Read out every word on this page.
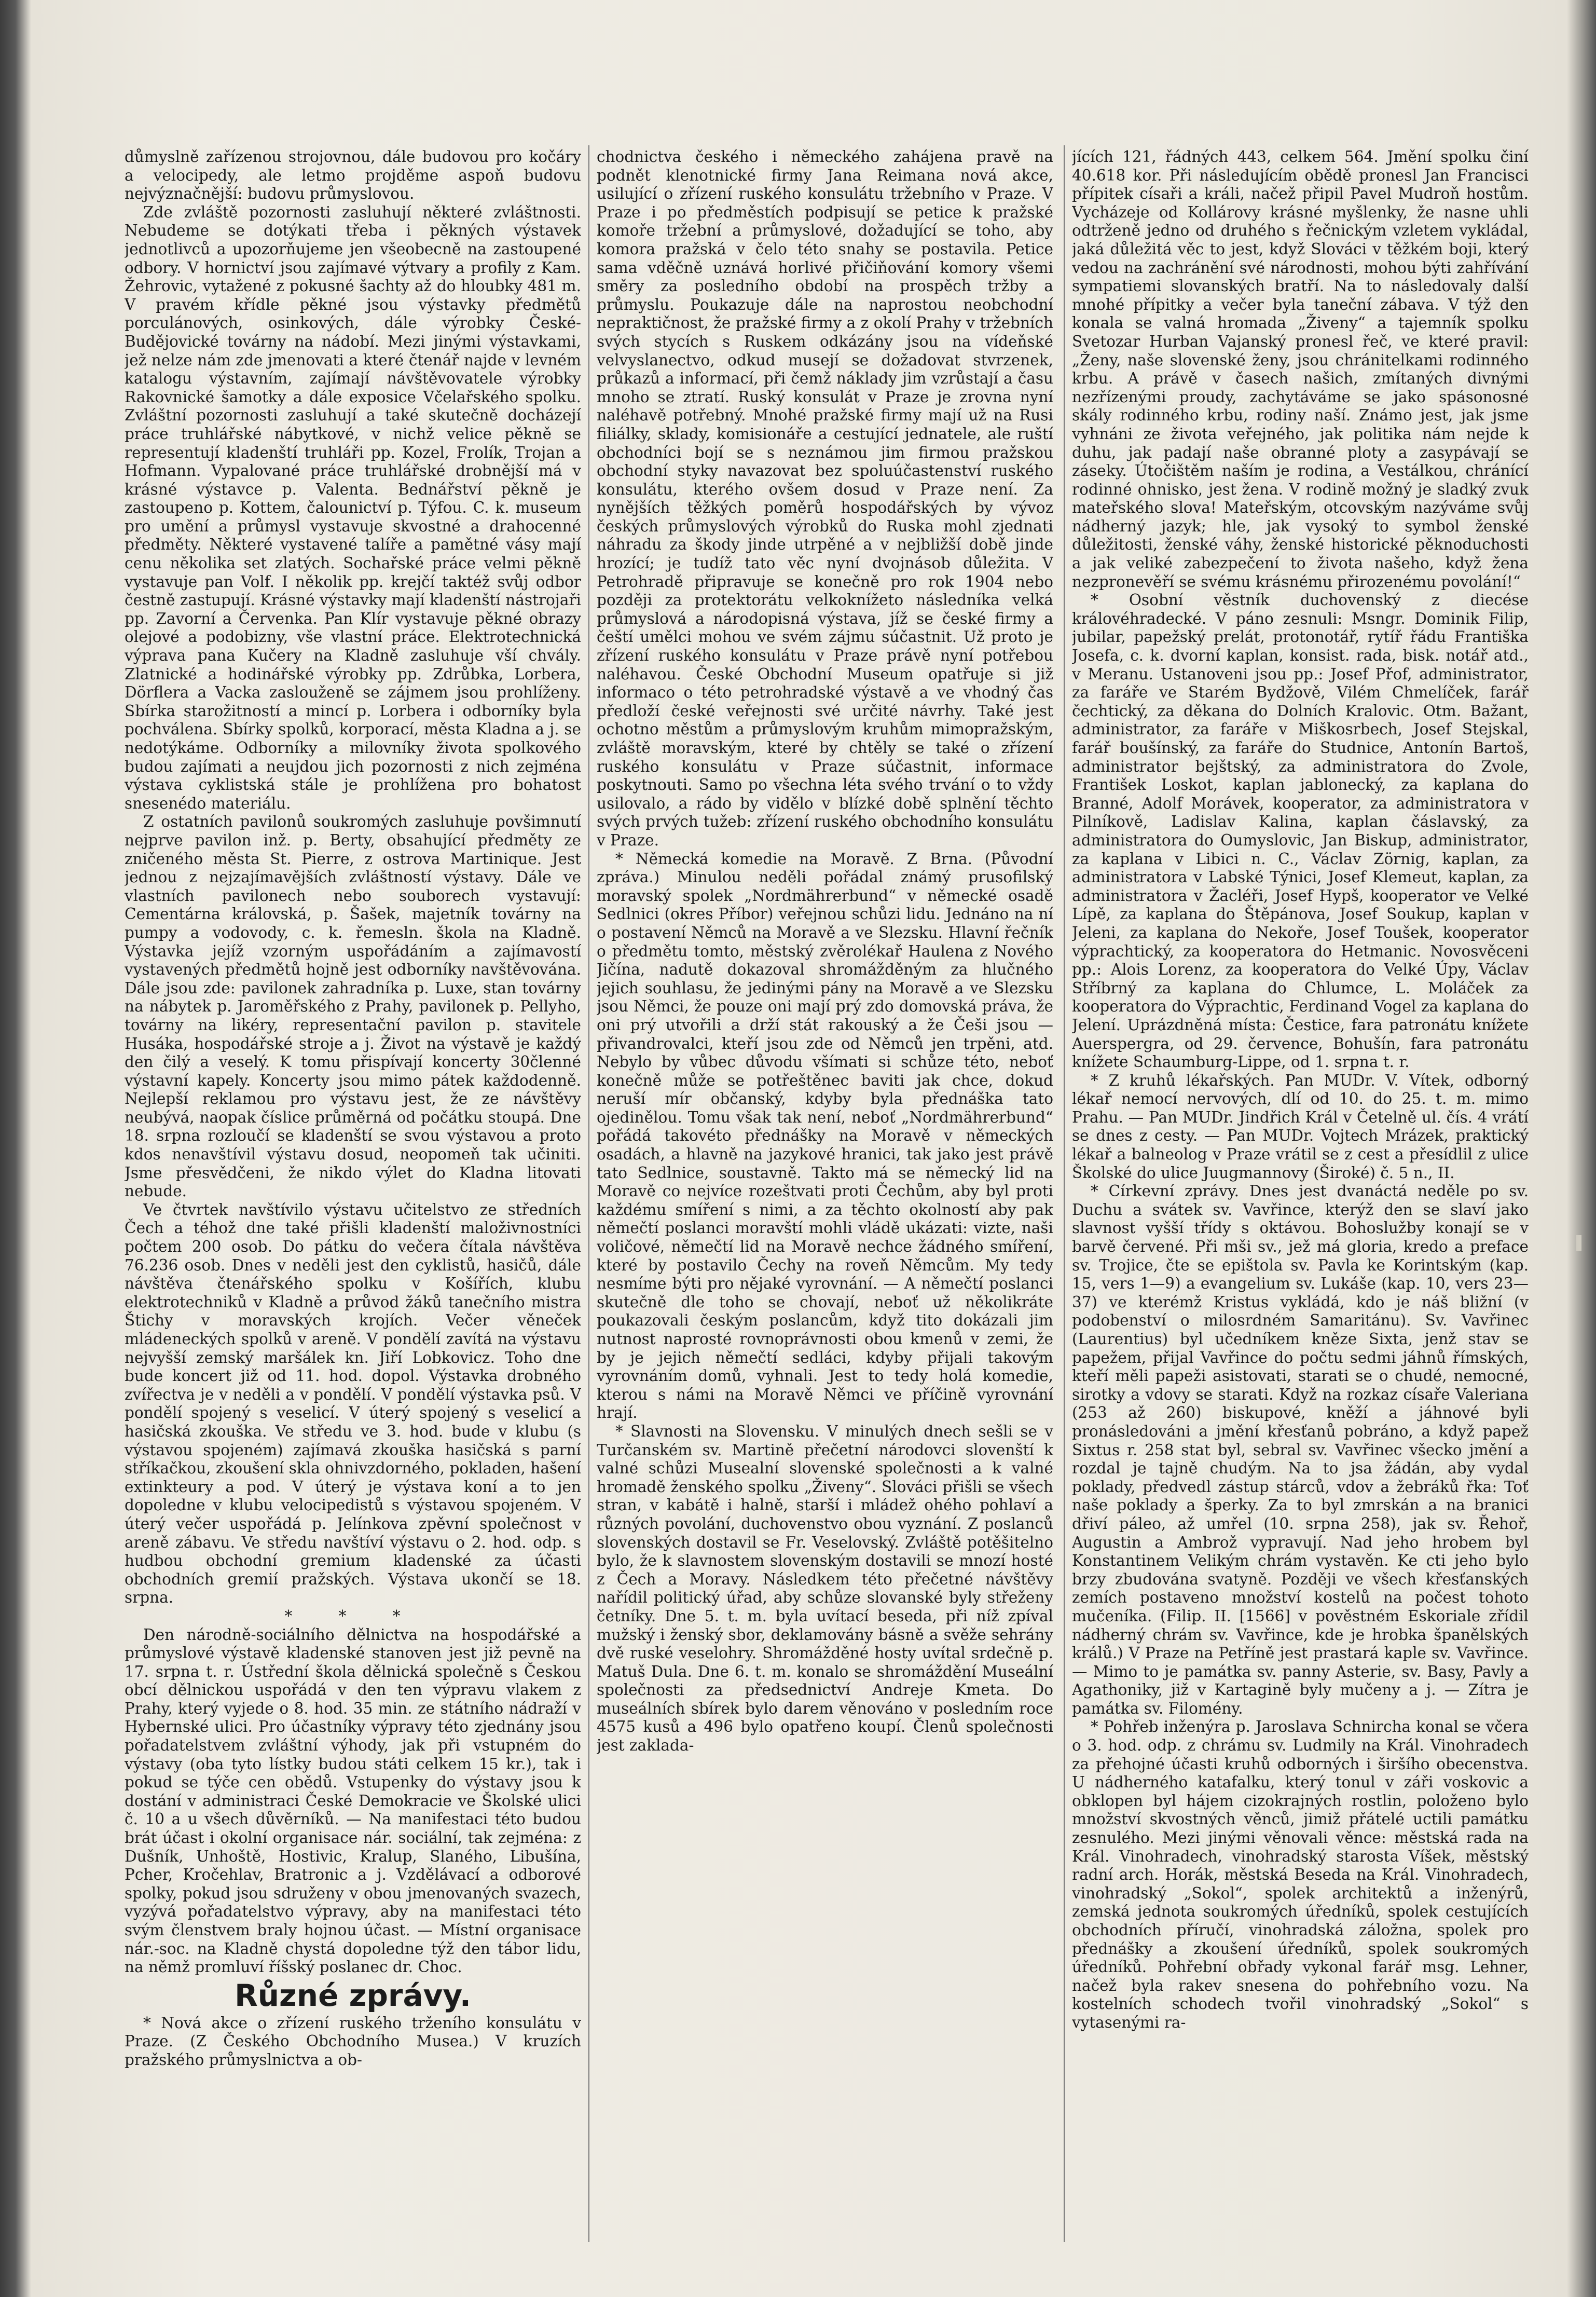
důmyslně zařízenou strojovnou, dále budovou pro kočáry a velocipedy, ale letmo projděme aspoň budovu nejvýznačnější: budovu průmyslovou.

Zde zvláště pozornosti zasluhují některé zvláštnosti. Nebudeme se dotýkati třeba i pěkných výstavek jednotlivců a upozorňujeme jen všeobecně na zastoupené odbory. V hornictví jsou zajímavé výtvary a profily z Kam. Žehrovic, vytažené z pokusné šachty až do hloubky 481 m. V pravém křídle pěkné jsou výstavky předmětů porculánových, osinkových, dále výrobky České-Budějovické továrny na nádobí. Mezi jinými výstavkami, jež nelze nám zde jmenovati a které čtenář najde v levném katalogu výstavním, zajímají návštěvovatele výrobky Rakovnické šamotky a dále exposice Včelařského spolku. Zvláštní pozornosti zasluhují a také skutečně docházejí práce truhlářské nábytkové, v nichž velice pěkně se representují kladenští truhláři pp. Kozel, Frolík, Trojan a Hofmann. Vypalované práce truhlářské drobnější má v krásné výstavce p. Valenta. Bednářství pěkně je zastoupeno p. Kottem, čalounictví p. Týfou. C. k. museum pro umění a průmysl vystavuje skvostné a drahocenné předměty. Některé vystavené talíře a pamětné vásy mají cenu několika set zlatých. Sochařské práce velmi pěkně vystavuje pan Volf. I několik pp. krejčí taktéž svůj odbor čestně zastupují. Krásné výstavky mají kladenští nástrojaři pp. Zavorní a Červenka. Pan Klír vystavuje pěkné obrazy olejové a podobizny, vše vlastní práce. Elektrotechnická výprava pana Kučery na Kladně zasluhuje vší chvály. Zlatnické a hodinářské výrobky pp. Zdrůbka, Lorbera, Dörflera a Vacka zaslouženě se zájmem jsou prohlíženy. Sbírka starožitností a mincí p. Lorbera i odborníky byla pochválena. Sbírky spolků, korporací, města Kladna a j. se nedotýkáme. Odborníky a milovníky života spolkového budou zajímati a neujdou jich pozornosti z nich zejména výstava cyklistská stále je prohlížena pro bohatost snesenédo materiálu.

Z ostatních pavilonů soukromých zasluhuje povšimnutí nejprve pavilon inž. p. Berty, obsahující předměty ze zničeného města St. Pierre, z ostrova Martinique. Jest jednou z nejzajímavějších zvláštností výstavy. Dále ve vlastních pavilonech nebo souborech vystavují: Cementárna královská, p. Šašek, majetník továrny na pumpy a vodovody, c. k. řemesln. škola na Kladně. Výstavka jejíž vzorným uspořádáním a zajímavostí vystavených předmětů hojně jest odborníky navštěvována. Dále jsou zde: pavilonek zahradníka p. Luxe, stan továrny na nábytek p. Jaroměřského z Prahy, pavilonek p. Pellyho, továrny na likéry, representační pavilon p. stavitele Husáka, hospodářské stroje a j. Život na výstavě je každý den čilý a veselý. K tomu přispívají koncerty 30členné výstavní kapely. Koncerty jsou mimo pátek každodenně. Nejlepší reklamou pro výstavu jest, že ze návštěvy neubývá, naopak číslice průměrná od počátku stoupá. Dne 18. srpna rozloučí se kladenští se svou výstavou a proto kdos nenavštívil výstavu dosud, neopomeň tak učiniti. Jsme přesvědčeni, že nikdo výlet do Kladna litovati nebude.

Ve čtvrtek navštívilo výstavu učitelstvo ze středních Čech a téhož dne také přišli kladenští maloživnostníci počtem 200 osob. Do pátku do večera čítala návštěva 76.236 osob. Dnes v neděli jest den cyklistů, hasičů, dále návštěva čtenářského spolku v Košířích, klubu elektrotechniků v Kladně a průvod žáků tanečního mistra Štichy v moravských krojích. Večer věneček mládeneckých spolků v areně. V pondělí zavítá na výstavu nejvyšší zemský maršálek kn. Jiří Lobkovicz. Toho dne bude koncert již od 11. hod. dopol. Výstavka drobného zvířectva je v neděli a v pondělí. V pondělí výstavka psů. V pondělí spojený s veselicí. V úterý spojený s veselicí a hasičská zkouška. Ve středu ve 3. hod. bude v klubu (s výstavou spojeném) zajímavá zkouška hasičská s parní stříkačkou, zkoušení skla ohnivzdorného, pokladen, hašení extinkteury a pod. V úterý je výstava koní a to jen dopoledne v klubu velocipedistů s výstavou spojeném. V úterý večer uspořádá p. Jelínkova zpěvní společnost v areně zábavu. Ve středu navštíví výstavu o 2. hod. odp. s hudbou obchodní gremium kladenské za účasti obchodních gremií pražských. Výstava ukončí se 18. srpna.

* * *

Den národně-sociálního dělnictva na hospodářské a průmyslové výstavě kladenské stanoven jest již pevně na 17. srpna t. r. Ústřední škola dělnická společně s Českou obcí dělnickou uspořádá v den ten výpravu vlakem z Prahy, který vyjede o 8. hod. 35 min. ze státního nádraží v Hybernské ulici. Pro účastníky výpravy této zjednány jsou pořadatelstvem zvláštní výhody, jak při vstupném do výstavy (oba tyto lístky budou státi celkem 15 kr.), tak i pokud se týče cen obědů. Vstupenky do výstavy jsou k dostání v administraci České Demokracie ve Školské ulici č. 10 a u všech důvěrníků. — Na manifestaci této budou brát účast i okolní organisace nár. sociální, tak zejména: z Dušník, Unhoště, Hostivic, Kralup, Slaného, Libušína, Pcher, Kročehlav, Bratronic a j. Vzdělávací a odborové spolky, pokud jsou sdruženy v obou jmenovaných svazech, vyzývá pořadatelstvo výpravy, aby na manifestaci této svým členstvem braly hojnou účast. — Místní organisace nár.-soc. na Kladně chystá dopoledne týž den tábor lidu, na němž promluví říšský poslanec dr. Choc.

Různé zprávy.

* Nová akce o zřízení ruského trženího konsulátu v Praze. (Z Českého Obchodního Musea.) V kruzích pražského průmyslnictva a ob-

chodnictva českého i německého zahájena pravě na podnět klenotnické firmy Jana Reimana nová akce, usilující o zřízení ruského konsulátu tržebního v Praze. V Praze i po předměstích podpisují se petice k pražské komoře tržební a průmyslové, dožadující se toho, aby komora pražská v čelo této snahy se postavila. Petice sama vděčně uznává horlivé přičiňování komory všemi směry za posledního období na prospěch tržby a průmyslu. Poukazuje dále na naprostou neobchodní nepraktičnost, že pražské firmy a z okolí Prahy v tržebních svých stycích s Ruskem odkázány jsou na vídeňské velvyslanectvo, odkud musejí se dožadovat stvrzenek, průkazů a informací, při čemž náklady jim vzrůstají a času mnoho se ztratí. Ruský konsulát v Praze je zrovna nyní naléhavě potřebný. Mnohé pražské firmy mají už na Rusi filiálky, sklady, komisionáře a cestující jednatele, ale ruští obchodníci bojí se s neznámou jim firmou pražskou obchodní styky navazovat bez spoluúčastenství ruského konsulátu, kterého ovšem dosud v Praze není. Za nynějších těžkých poměrů hospodářských by vývoz českých průmyslových výrobků do Ruska mohl zjednati náhradu za škody jinde utrpěné a v nejbližší době jinde hrozící; je tudíž tato věc nyní dvojnásob důležita. V Petrohradě připravuje se konečně pro rok 1904 nebo později za protektorátu velkoknížeto následníka velká průmyslová a národopisná výstava, jíž se české firmy a čeští umělci mohou ve svém zájmu súčastnit. Už proto je zřízení ruského konsulátu v Praze právě nyní potřebou naléhavou. České Obchodní Museum opatřuje si již informaco o této petrohradské výstavě a ve vhodný čas předloží české veřejnosti své určité návrhy. Také jest ochotno městům a průmyslovým kruhům mimopražským, zvláště moravským, které by chtěly se také o zřízení ruského konsulátu v Praze súčastnit, informace poskytnouti. Samo po všechna léta svého trvání o to vždy usilovalo, a rádo by vidělo v blízké době splnění těchto svých prvých tužeb: zřízení ruského obchodního konsulátu v Praze.

* Německá komedie na Moravě. Z Brna. (Původní zpráva.) Minulou neděli pořádal známý prusofilský moravský spolek „Nordmährerbund“ v německé osadě Sedlnici (okres Příbor) veřejnou schůzi lidu. Jednáno na ní o postavení Němců na Moravě a ve Slezsku. Hlavní řečník o předmětu tomto, městský zvěrolékař Haulena z Nového Jičína, nadutě dokazoval shromážděným za hlučného jejich souhlasu, že jedinými pány na Moravě a ve Slezsku jsou Němci, že pouze oni mají prý zdo domovská práva, že oni prý utvořili a drží stát rakouský a že Češi jsou — přivandrovalci, kteří jsou zde od Němců jen trpěni, atd. Nebylo by vůbec důvodu všímati si schůze této, neboť konečně může se potřeštěnec baviti jak chce, dokud neruší mír občanský, kdyby byla přednáška tato ojedinělou. Tomu však tak není, neboť „Nordmährerbund“ pořádá takovéto přednášky na Moravě v německých osadách, a hlavně na jazykové hranici, tak jako jest právě tato Sedlnice, soustavně. Takto má se německý lid na Moravě co nejvíce rozeštvati proti Čechům, aby byl proti každému smíření s nimi, a za těchto okolností aby pak němečtí poslanci moravští mohli vládě ukázati: vizte, naši voličové, němečtí lid na Moravě nechce žádného smíření, které by postavilo Čechy na roveň Němcům. My tedy nesmíme býti pro nějaké vyrovnání. — A němečtí poslanci skutečně dle toho se chovají, neboť už několikráte poukazovali českým poslancům, když tito dokázali jim nutnost naprosté rovnoprávnosti obou kmenů v zemi, že by je jejich němečtí sedláci, kdyby přijali takovým vyrovnáním domů, vyhnali. Jest to tedy holá komedie, kterou s námi na Moravě Němci ve příčině vyrovnání hrají.

* Slavnosti na Slovensku. V minulých dnech sešli se v Turčanském sv. Martině přečetní národovci slovenští k valné schůzi Musealní slovenské společnosti a k valné hromadě ženského spolku „Živeny“. Slováci přišli se všech stran, v kabátě i halně, starší i mládež ohého pohlaví a různých povolání, duchovenstvo obou vyznání. Z poslanců slovenských dostavil se Fr. Veselovský. Zvláště potěšitelno bylo, že k slavnostem slovenským dostavili se mnozí hosté z Čech a Moravy. Následkem této přečetné návštěvy nařídil politický úřad, aby schůze slovanské byly střeženy četníky. Dne 5. t. m. byla uvítací beseda, při níž zpíval mužský i ženský sbor, deklamovány básně a svěže sehrány dvě ruské veselohry. Shromážděné hosty uvítal srdečně p. Matuš Dula. Dne 6. t. m. konalo se shromáždění Museální společnosti za předsednictví Andreje Kmeta. Do museálních sbírek bylo darem věnováno v posledním roce 4575 kusů a 496 bylo opatřeno koupí. Členů společnosti jest zaklada-

jících 121, řádných 443, celkem 564. Jmění spolku činí 40.618 kor. Při následujícím obědě pronesl Jan Francisci přípitek císaři a králi, načež připil Pavel Mudroň hostům. Vycházeje od Kollárovy krásné myšlenky, že nasne uhli odtrženě jedno od druhého s řečnickým vzletem vykládal, jaká důležitá věc to jest, když Slováci v těžkém boji, který vedou na zachránění své národnosti, mohou býti zahřívání sympatiemi slovanských bratří. Na to následovaly další mnohé přípitky a večer byla taneční zábava. V týž den konala se valná hromada „Živeny“ a tajemník spolku Svetozar Hurban Vajanský pronesl řeč, ve které pravil: „Ženy, naše slovenské ženy, jsou chránitelkami rodinného krbu. A právě v časech našich, zmítaných divnými nezřízenými proudy, zachytáváme se jako spásonosné skály rodinného krbu, rodiny naší. Známo jest, jak jsme vyhnáni ze života veřejného, jak politika nám nejde k duhu, jak padají naše obranné ploty a zasypávají se záseky. Útočištěm naším je rodina, a Vestálkou, chránící rodinné ohnisko, jest žena. V rodině možný je sladký zvuk mateřského slova! Mateřským, otcovským nazýváme svůj nádherný jazyk; hle, jak vysoký to symbol ženské důležitosti, ženské váhy, ženské historické pěknoduchosti a jak veliké zabezpečení to života našeho, když žena nezpronevěří se svému krásnému přirozenému povolání!“

* Osobní věstník duchovenský z diecése královéhradecké. V páno zesnuli: Msngr. Dominik Filip, jubilar, papežský prelát, protonotář, rytíř řádu Františka Josefa, c. k. dvorní kaplan, konsist. rada, bisk. notář atd., v Meranu. Ustanoveni jsou pp.: Josef Přof, administrator, za faráře ve Starém Bydžově, Vilém Chmelíček, farář čechtický, za děkana do Dolních Kralovic. Otm. Bažant, administrator, za faráře v Miškosrbech, Josef Stejskal, farář boušínský, za faráře do Studnice, Antonín Bartoš, administrator bejštský, za administratora do Zvole, František Loskot, kaplan jablonecký, za kaplana do Branné, Adolf Morávek, kooperator, za administratora v Pilníkově, Ladislav Kalina, kaplan čáslavský, za administratora do Oumyslovic, Jan Biskup, administrator, za kaplana v Libici n. C., Václav Zörnig, kaplan, za administratora v Labské Týnici, Josef Klemeut, kaplan, za administratora v Žacléři, Josef Hypš, kooperator ve Velké Lípě, za kaplana do Štěpánova, Josef Soukup, kaplan v Jeleni, za kaplana do Nekoře, Josef Toušek, kooperator výprachtický, za kooperatora do Hetmanic. Novosvěceni pp.: Alois Lorenz, za kooperatora do Velké Úpy, Václav Stříbrný za kaplana do Chlumce, L. Moláček za kooperatora do Výprachtic, Ferdinand Vogel za kaplana do Jelení. Uprázdněná místa: Čestice, fara patronátu knížete Auerspergra, od 29. července, Bohušín, fara patronátu knížete Schaumburg-Lippe, od 1. srpna t. r.

* Z kruhů lékařských. Pan MUDr. V. Vítek, odborný lékař nemocí nervových, dlí od 10. do 25. t. m. mimo Prahu. — Pan MUDr. Jindřich Král v Četelně ul. čís. 4 vrátí se dnes z cesty. — Pan MUDr. Vojtech Mrázek, praktický lékař a balneolog v Praze vrátil se z cest a přesídlil z ulice Školské do ulice Juugmannovy (Široké) č. 5 n., II.

* Církevní zprávy. Dnes jest dvanáctá neděle po sv. Duchu a svátek sv. Vavřince, kterýž den se slaví jako slavnost vyšší třídy s oktávou. Bohoslužby konají se v barvě červené. Při mši sv., jež má gloria, kredo a preface sv. Trojice, čte se epištola sv. Pavla ke Korintským (kap. 15, vers 1—9) a evangelium sv. Lukáše (kap. 10, vers 23—37) ve kterémž Kristus vykládá, kdo je náš bližní (v podobenství o milosrdném Samaritánu). Sv. Vavřinec (Laurentius) byl učedníkem kněze Sixta, jenž stav se papežem, přijal Vavřince do počtu sedmi jáhnů římských, kteří měli papeži asistovati, starati se o chudé, nemocné, sirotky a vdovy se starati. Když na rozkaz císaře Valeriana (253 až 260) biskupové, kněží a jáhnové byli pronásledováni a jmění křesťanů pobráno, a když papež Sixtus r. 258 stat byl, sebral sv. Vavřinec všecko jmění a rozdal je tajně chudým. Na to jsa žádán, aby vydal poklady, předvedl zástup stárců, vdov a žebráků řka: Toť naše poklady a šperky. Za to byl zmrskán a na branici dřiví páleo, až umřel (10. srpna 258), jak sv. Řehoř, Augustin a Ambrož vypravují. Nad jeho hrobem byl Konstantinem Velikým chrám vystavěn. Ke cti jeho bylo brzy zbudována svatyně. Později ve všech křesťanských zemích postaveno množství kostelů na počest tohoto mučeníka. (Filip. II. [1566] v pověstném Eskoriale zřídil nádherný chrám sv. Vavřince, kde je hrobka španělských králů.) V Praze na Petříně jest prastará kaple sv. Vavřince. — Mimo to je památka sv. panny Asterie, sv. Basy, Pavly a Agathoniky, již v Kartagině byly mučeny a j. — Zítra je památka sv. Filomény.

* Pohřeb inženýra p. Jaroslava Schnircha konal se včera o 3. hod. odp. z chrámu sv. Ludmily na Král. Vinohradech za přehojné účasti kruhů odborných i širšího obecenstva. U nádherného katafalku, který tonul v záři voskovic a obklopen byl hájem cizokrajných rostlin, položeno bylo množství skvostných věnců, jimiž přátelé uctili památku zesnulého. Mezi jinými věnovali věnce: městská rada na Král. Vinohradech, vinohradský starosta Víšek, městský radní arch. Horák, městská Besedа na Král. Vinohradech, vinohradský „Sokol“, spolek architektů a inženýrů, zemská jednota soukromých úředníků, spolek cestujících obchodních příručí, vinohradská záložna, spolek pro přednášky a zkoušení úředníků, spolek soukromých úředníků. Pohřební obřady vykonal farář msg. Lehner, načež byla rakev snesena do pohřebního vozu. Na kostelních schodech tvořil vinohradský „Sokol“ s vytasenými ra-
